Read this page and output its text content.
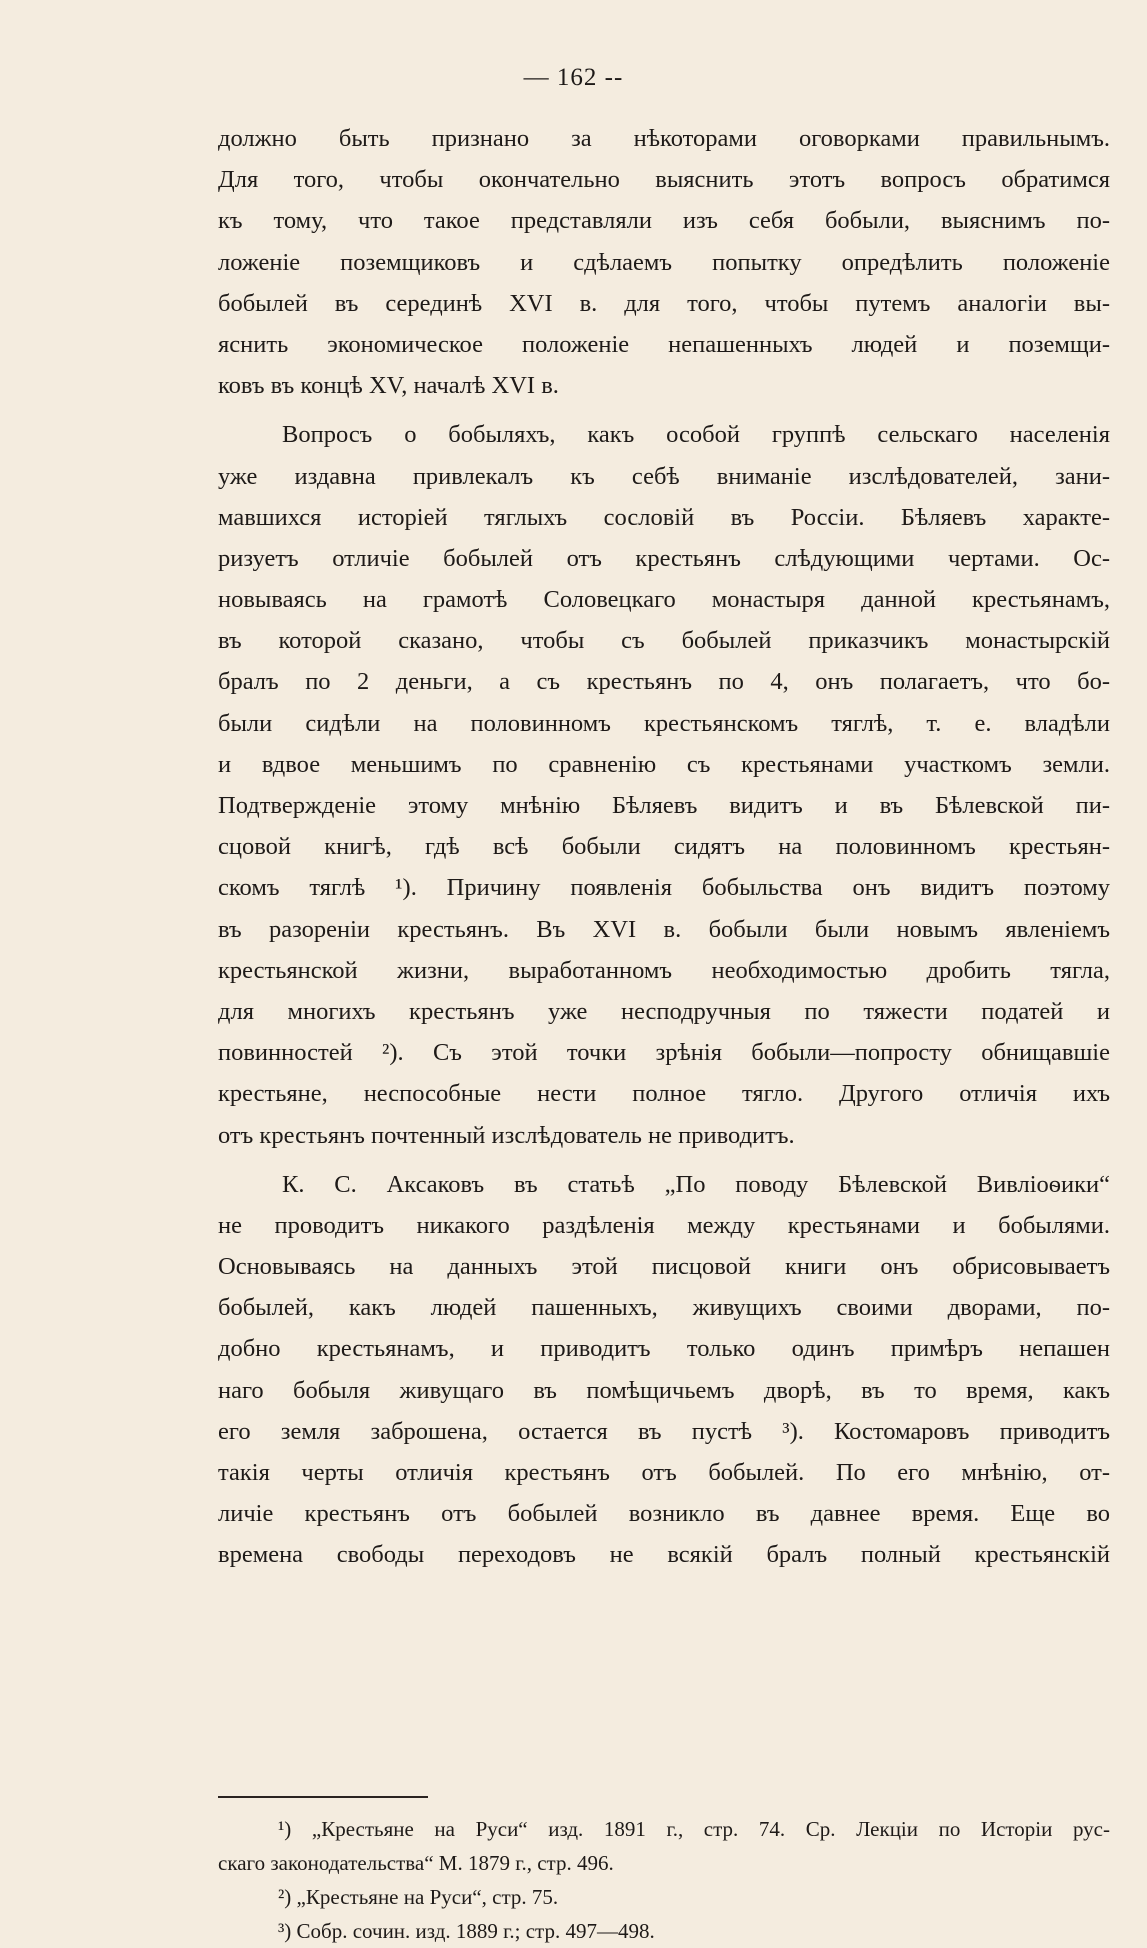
— 162 --
должно быть признано за нѣкоторами оговорками правильнымъ.
Для того, чтобы окончательно выяснить этотъ вопросъ обратимся
къ тому, что такое представляли изъ себя бобыли, выяснимъ по-
ложенiе поземщиковъ и сдѣлаемъ попытку опредѣлить положенiе
бобылей въ серединѣ XVI в. для того, чтобы путемъ аналогiи вы-
яснить экономическое положенiе непашенныхъ людей и поземщи-
ковъ въ концѣ XV, началѣ XVI в.
Вопросъ о бобыляхъ, какъ особой группѣ сельскаго населенiя
уже издавна привлекалъ къ себѣ вниманiе изслѣдователей, зани-
мавшихся исторiей тяглыхъ сословiй въ Россiи. Бѣляевъ характе-
ризуетъ отличiе бобылей отъ крестьянъ слѣдующими чертами. Ос-
новываясь на грамотѣ Соловецкаго монастыря данной крестьянамъ,
въ которой сказано, чтобы съ бобылей приказчикъ монастырскiй
бралъ по 2 деньги, а съ крестьянъ по 4, онъ полагаетъ, что бо-
были сидѣли на половинномъ крестьянскомъ тяглѣ, т. е. владѣли
и вдвое меньшимъ по сравненiю съ крестьянами участкомъ земли.
Подтвержденiе этому мнѣнiю Бѣляевъ видитъ и въ Бѣлевской пи-
сцовой книгѣ, гдѣ всѣ бобыли сидятъ на половинномъ крестьян-
скомъ тяглѣ ¹). Причину появленiя бобыльства онъ видитъ поэтому
въ разоренiи крестьянъ. Въ XVI в. бобыли были новымъ явленiемъ
крестьянской жизни, выработанномъ необходимостью дробить тягла,
для многихъ крестьянъ уже несподручныя по тяжести податей и
повинностей ²). Съ этой точки зрѣнiя бобыли—попросту обнищавшiе
крестьяне, неспособные нести полное тягло. Другого отличiя ихъ
отъ крестьянъ почтенный изслѣдователь не приводитъ.
К. С. Аксаковъ въ статьѣ „По поводу Бѣлевской Вивлiоѳики“
не проводитъ никакого раздѣленiя между крестьянами и бобылями.
Основываясь на данныхъ этой писцовой книги онъ обрисовываетъ
бобылей, какъ людей пашенныхъ, живущихъ своими дворами, по-
добно крестьянамъ, и приводитъ только одинъ примѣръ непашен
наго бобыля живущаго въ помѣщичьемъ дворѣ, въ то время, какъ
его земля заброшена, остается въ пустѣ ³). Костомаровъ приводитъ
такiя черты отличiя крестьянъ отъ бобылей. По его мнѣнiю, от-
личiе крестьянъ отъ бобылей возникло въ давнее время. Еще во
времена свободы переходовъ не всякiй бралъ полный крестьянскiй
¹) „Крестьяне на Руси“ изд. 1891 г., стр. 74. Ср. Лекцiи по Исторiи рус-
скаго законодательства“ М. 1879 г., стр. 496.
²) „Крестьяне на Руси“, стр. 75.
³) Собр. сочин. изд. 1889 г.; стр. 497—498.
